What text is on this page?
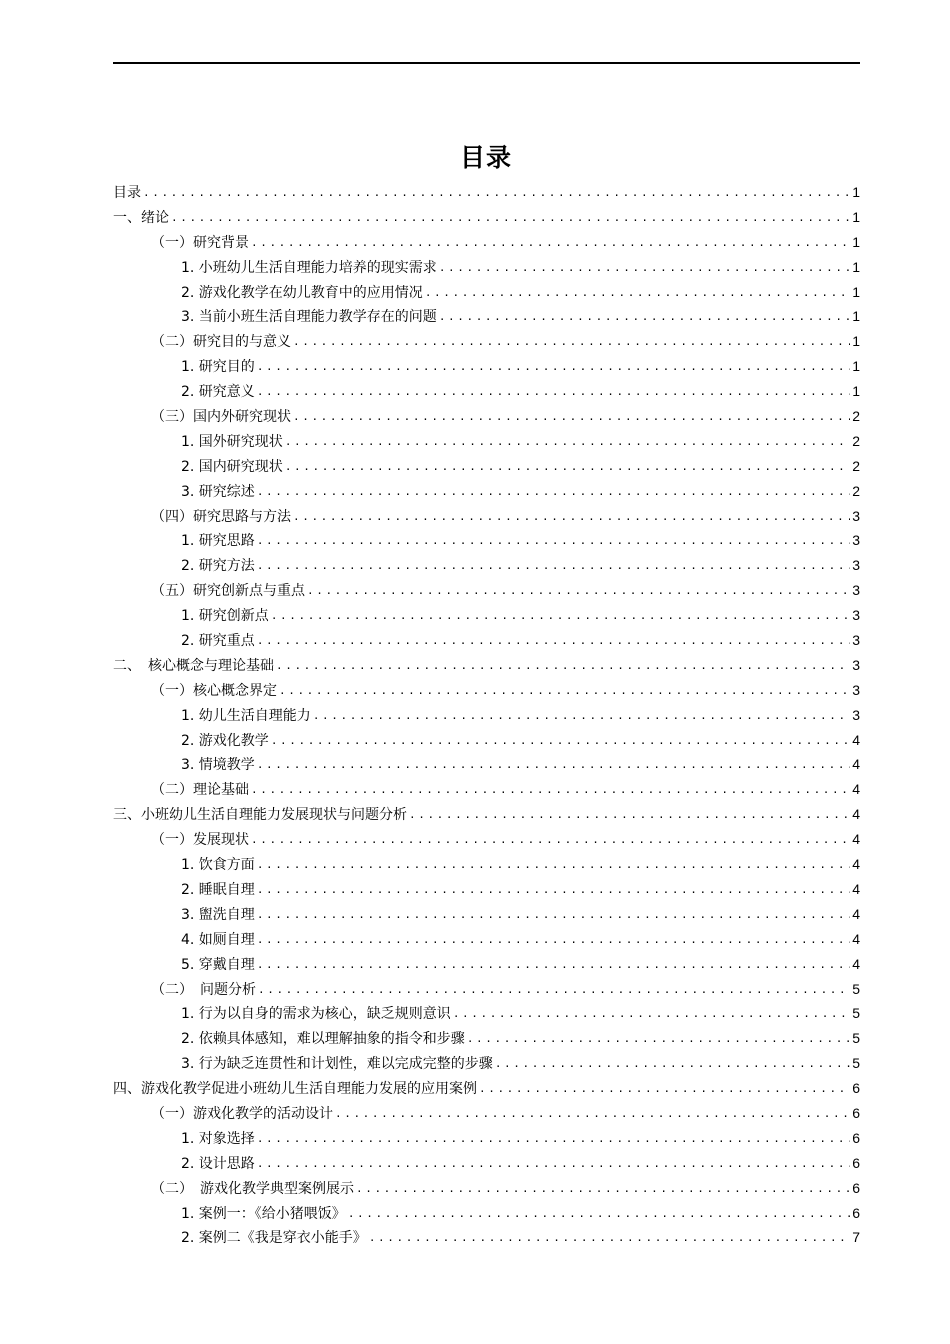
目录
目录 .....	1
一、绪论 .....	1
（一）研究背景 .....	1
1. 小班幼儿生活自理能力培养的现实需求 .....	1
2. 游戏化教学在幼儿教育中的应用情况 .....	1
3. 当前小班生活自理能力教学存在的问题 .....	1
（二）研究目的与意义 .....	1
1. 研究目的 .....	1
2. 研究意义 .....	1
（三）国内外研究现状 .....	2
1. 国外研究现状 .....	2
2. 国内研究现状 .....	2
3. 研究综述 .....	2
（四）研究思路与方法 .....	3
1. 研究思路 .....	3
2. 研究方法 .....	3
（五）研究创新点与重点 .....	3
1. 研究创新点 .....	3
2. 研究重点 .....	3
二、　核心概念与理论基础 .....	3
（一）核心概念界定 .....	3
1. 幼儿生活自理能力 .....	3
2. 游戏化教学 .....	4
3. 情境教学 .....	4
（二）理论基础 .....	4
三、小班幼儿生活自理能力发展现状与问题分析 .....	4
（一）发展现状 .....	4
1. 饮食方面 .....	4
2. 睡眠自理 .....	4
3. 盥洗自理 .....	4
4. 如厕自理 .....	4
5. 穿戴自理 .....	4
（二）　问题分析 .....	5
1. 行为以自身的需求为核心，缺乏规则意识 .....	5
2. 依赖具体感知，难以理解抽象的指令和步骤 .....	5
3. 行为缺乏连贯性和计划性，难以完成完整的步骤 .....	5
四、游戏化教学促进小班幼儿生活自理能力发展的应用案例 .....	6
（一）游戏化教学的活动设计 .....	6
1. 对象选择 .....	6
2. 设计思路 .....	6
（二）　游戏化教学典型案例展示 .....	6
1. 案例一：《给小猪喂饭》 .....	6
2. 案例二《我是穿衣小能手》 .....	7
